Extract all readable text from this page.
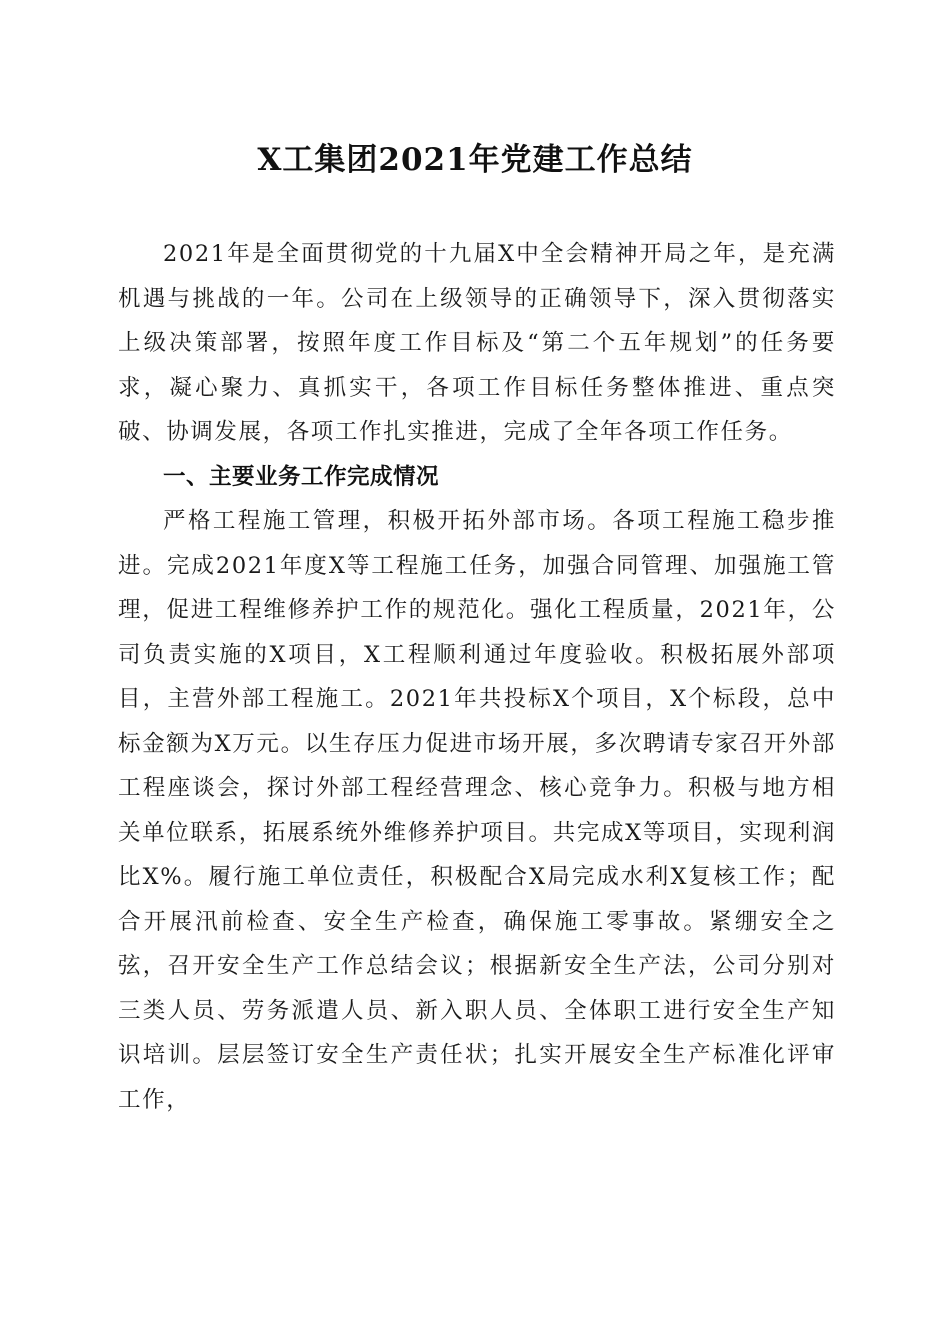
X工集团2021年党建工作总结

2021年是全面贯彻党的十九届X中全会精神开局之年，是充满机遇与挑战的一年。公司在上级领导的正确领导下，深入贯彻落实上级决策部署，按照年度工作目标及“第二个五年规划”的任务要求，凝心聚力、真抓实干，各项工作目标任务整体推进、重点突破、协调发展，各项工作扎实推进，完成了全年各项工作任务。

一、主要业务工作完成情况

严格工程施工管理，积极开拓外部市场。各项工程施工稳步推进。完成2021年度X等工程施工任务，加强合同管理、加强施工管理，促进工程维修养护工作的规范化。强化工程质量，2021年，公司负责实施的X项目，X工程顺利通过年度验收。积极拓展外部项目，主营外部工程施工。2021年共投标X个项目，X个标段，总中标金额为X万元。以生存压力促进市场开展，多次聘请专家召开外部工程座谈会，探讨外部工程经营理念、核心竞争力。积极与地方相关单位联系，拓展系统外维修养护项目。共完成X等项目，实现利润比X%。履行施工单位责任，积极配合X局完成水利X复核工作；配合开展汛前检查、安全生产检查，确保施工零事故。紧绷安全之弦，召开安全生产工作总结会议；根据新安全生产法，公司分别对三类人员、劳务派遣人员、新入职人员、全体职工进行安全生产知识培训。层层签订安全生产责任状；扎实开展安全生产标准化评审工作，
